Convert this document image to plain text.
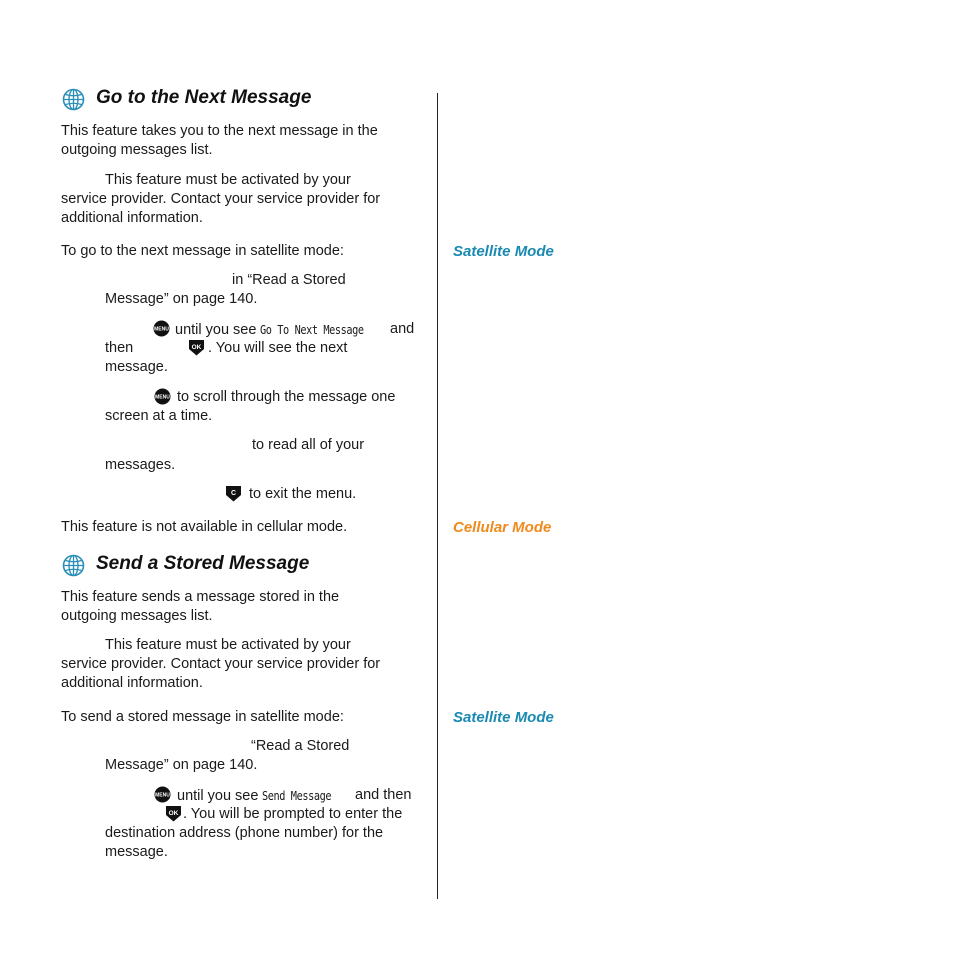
Go to the Next Message
This feature takes you to the next message in the
outgoing messages list.
This feature must be activated by your
service provider. Contact your service provider for
additional information.
To go to the next message in satellite mode:
in “Read a Stored
Message” on page 140.
MENU until you see Go To Next Message	and
then	OK . You will see the next
message.
MENU to scroll through the message one
screen at a time.
to read all of your
messages.
C to exit the menu.
This feature is not available in cellular mode.
Send a Stored Message
This feature sends a message stored in the
outgoing messages list.
This feature must be activated by your
service provider. Contact your service provider for
additional information.
To send a stored message in satellite mode:
“Read a Stored
Message” on page 140.
MENU until you see Send Message	and then
OK . You will be prompted to enter the
destination address (phone number) for the
message.
Satellite Mode
Cellular Mode
Satellite Mode
